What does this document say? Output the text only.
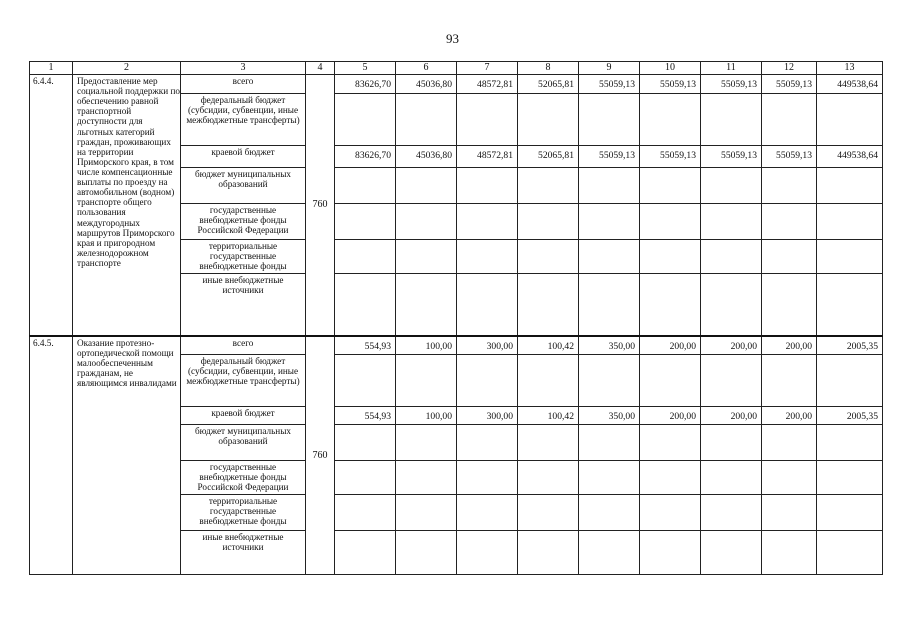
93
1	2	3	4	5	6	7	8	9	10	11	12	13
6.4.4.	Предоставление мер социальной поддержки по обеспечению равной транспортной доступности для льготных категорий граждан, проживающих на территории Приморского края, в том числе компенсационные выплаты по проезду на автомобильном (водном) транспорте общего пользования междугородных маршрутов Приморского края и пригородном железнодорожном транспорте	всего	760	83626,70	45036,80	48572,81	52065,81	55059,13	55059,13	55059,13	55059,13	449538,64
		федеральный бюджет (субсидии, субвенции, иные межбюджетные трансферты)										
		краевой бюджет		83626,70	45036,80	48572,81	52065,81	55059,13	55059,13	55059,13	55059,13	449538,64
		бюджет муниципальных образований										
		государственные внебюджетные фонды Российской Федерации										
		территориальные государственные внебюджетные фонды										
		иные внебюджетные источники										
6.4.5.	Оказание протезно-ортопедической помощи малообеспеченным гражданам, не являющимся инвалидами	всего	760	554,93	100,00	300,00	100,42	350,00	200,00	200,00	200,00	2005,35
		федеральный бюджет (субсидии, субвенции, иные межбюджетные трансферты)										
		краевой бюджет		554,93	100,00	300,00	100,42	350,00	200,00	200,00	200,00	2005,35
		бюджет муниципальных образований										
		государственные внебюджетные фонды Российской Федерации										
		территориальные государственные внебюджетные фонды										
		иные внебюджетные источники										
